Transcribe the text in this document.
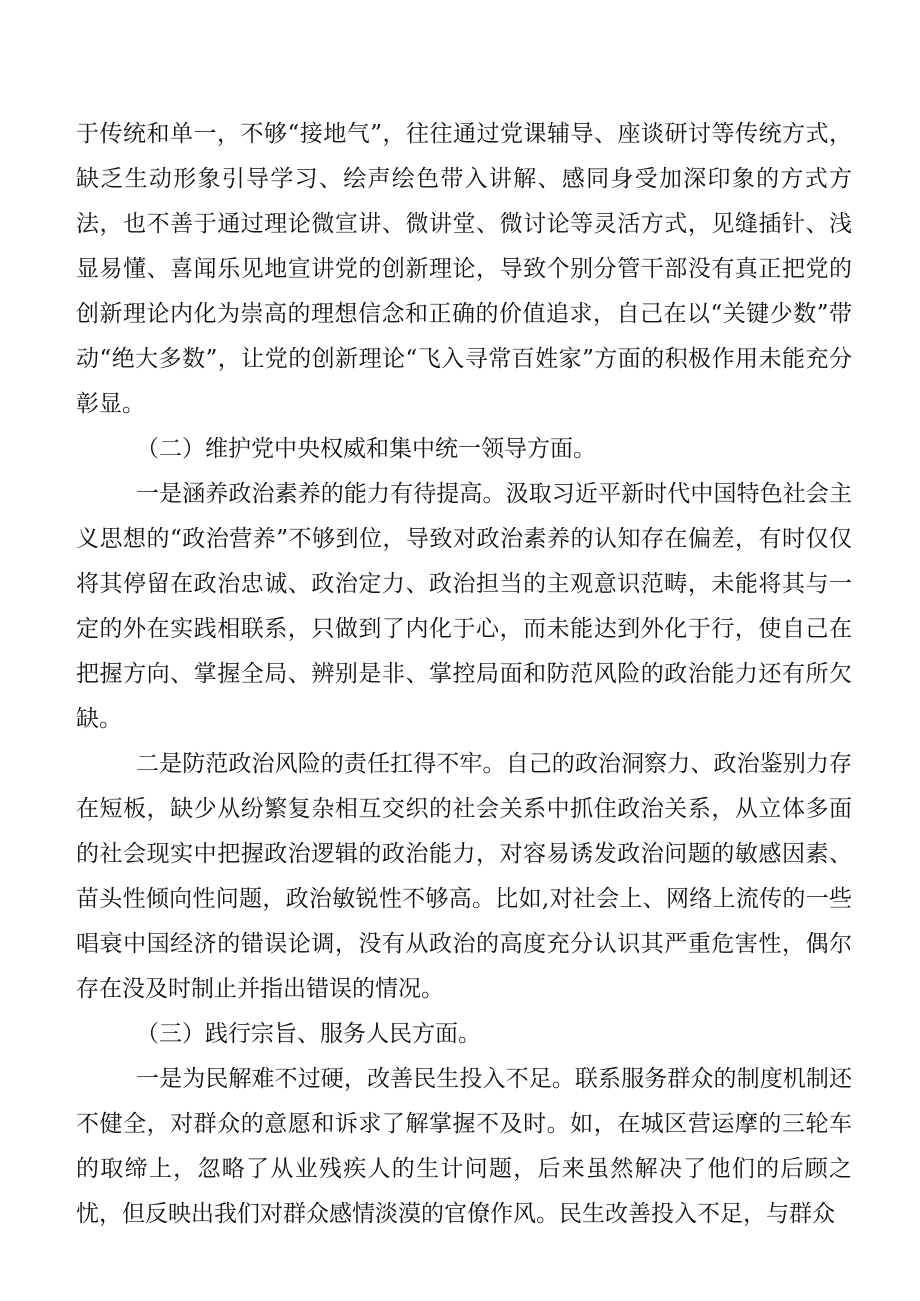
于传统和单一，不够“接地气”，往往通过党课辅导、座谈研讨等传统方式，缺乏生动形象引导学习、绘声绘色带入讲解、感同身受加深印象的方式方法，也不善于通过理论微宣讲、微讲堂、微讨论等灵活方式，见缝插针、浅显易懂、喜闻乐见地宣讲党的创新理论，导致个别分管干部没有真正把党的创新理论内化为崇高的理想信念和正确的价值追求，自己在以“关键少数”带动“绝大多数”，让党的创新理论“飞入寻常百姓家”方面的积极作用未能充分彰显。

（二）维护党中央权威和集中统一领导方面。

一是涵养政治素养的能力有待提高。汲取习近平新时代中国特色社会主义思想的“政治营养”不够到位，导致对政治素养的认知存在偏差，有时仅仅将其停留在政治忠诚、政治定力、政治担当的主观意识范畴，未能将其与一定的外在实践相联系，只做到了内化于心，而未能达到外化于行，使自己在把握方向、掌握全局、辨别是非、掌控局面和防范风险的政治能力还有所欠缺。

二是防范政治风险的责任扛得不牢。自己的政治洞察力、政治鉴别力存在短板，缺少从纷繁复杂相互交织的社会关系中抓住政治关系，从立体多面的社会现实中把握政治逻辑的政治能力，对容易诱发政治问题的敏感因素、苗头性倾向性问题，政治敏锐性不够高。比如,对社会上、网络上流传的一些唱衰中国经济的错误论调，没有从政治的高度充分认识其严重危害性，偶尔存在没及时制止并指出错误的情况。

（三）践行宗旨、服务人民方面。

一是为民解难不过硬，改善民生投入不足。联系服务群众的制度机制还不健全，对群众的意愿和诉求了解掌握不及时。如，在城区营运摩的三轮车的取缔上，忽略了从业残疾人的生计问题，后来虽然解决了他们的后顾之忧，但反映出我们对群众感情淡漠的官僚作风。民生改善投入不足，与群众
